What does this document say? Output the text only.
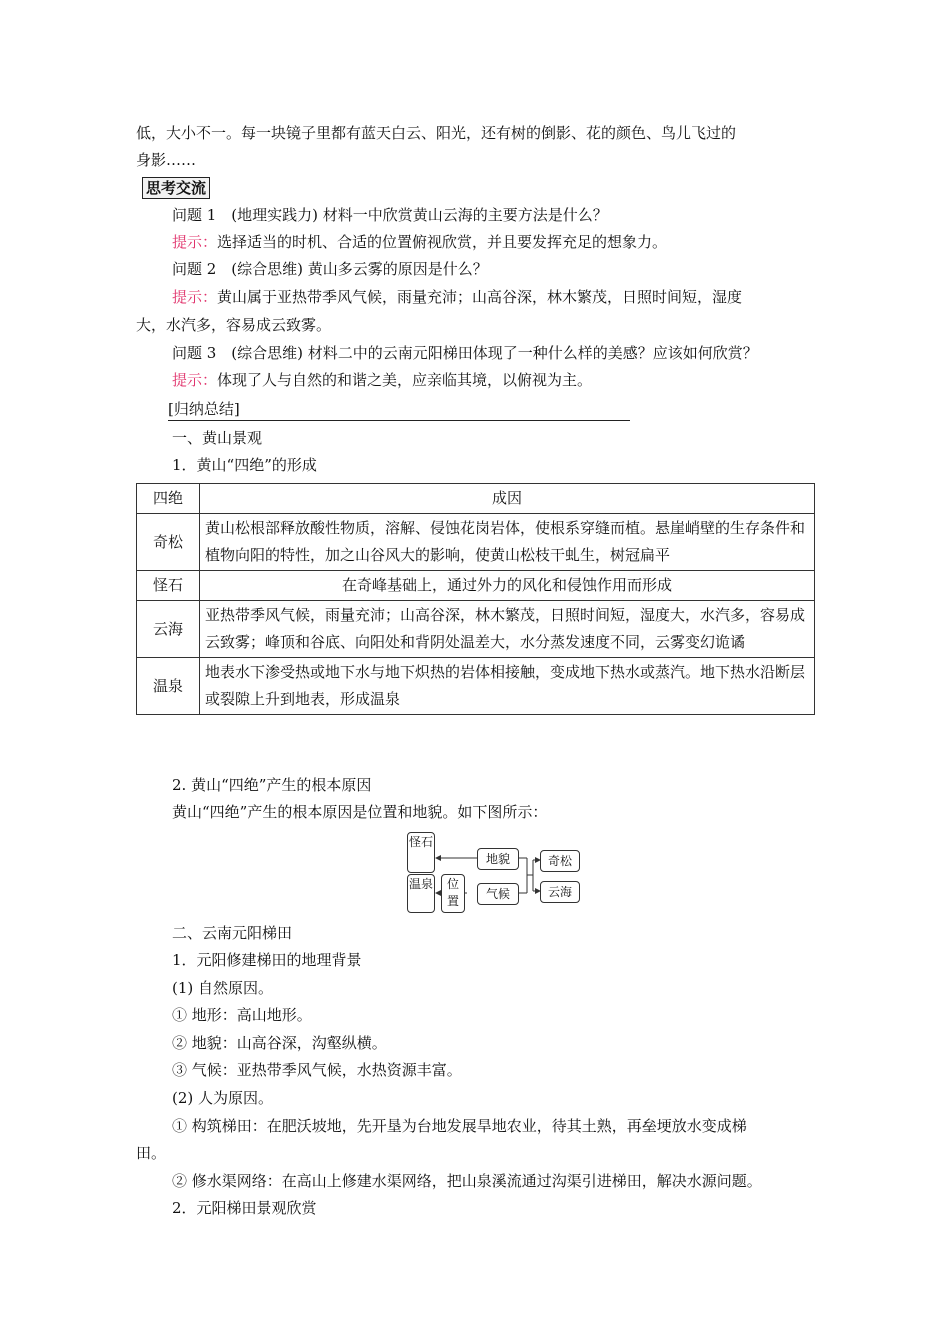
低，大小不一。每一块镜子里都有蓝天白云、阳光，还有树的倒影、花的颜色、鸟儿飞过的
身影……
思考交流
问题 1　(地理实践力) 材料一中欣赏黄山云海的主要方法是什么？
提示：选择适当的时机、合适的位置俯视欣赏，并且要发挥充足的想象力。
问题 2　(综合思维) 黄山多云雾的原因是什么？
提示：黄山属于亚热带季风气候，雨量充沛；山高谷深，林木繁茂，日照时间短，湿度
大，水汽多，容易成云致雾。
问题 3　(综合思维) 材料二中的云南元阳梯田体现了一种什么样的美感？应该如何欣赏？
提示：体现了人与自然的和谐之美，应亲临其境，以俯视为主。
[归纳总结]
一、黄山景观
1．黄山“四绝”的形成
四绝	成因
奇松	黄山松根部释放酸性物质，溶解、侵蚀花岗岩体，使根系穿缝而植。悬崖峭壁的生存条件和植物向阳的特性，加之山谷风大的影响，使黄山松枝干虬生，树冠扁平
怪石	在奇峰基础上，通过外力的风化和侵蚀作用而形成
云海	亚热带季风气候，雨量充沛；山高谷深，林木繁茂，日照时间短，湿度大，水汽多，容易成云致雾；峰顶和谷底、向阳处和背阴处温差大，水分蒸发速度不同，云雾变幻诡谲
温泉	地表水下渗受热或地下水与地下炽热的岩体相接触，变成地下热水或蒸汽。地下热水沿断层或裂隙上升到地表，形成温泉
2. 黄山“四绝”产生的根本原因
黄山“四绝”产生的根本原因是位置和地貌。如下图所示：
怪石
温泉	位置
地貌
气候
奇松
云海
二、云南元阳梯田
1．元阳修建梯田的地理背景
(1) 自然原因。
① 地形：高山地形。
② 地貌：山高谷深，沟壑纵横。
③ 气候：亚热带季风气候，水热资源丰富。
(2) 人为原因。
① 构筑梯田：在肥沃坡地，先开垦为台地发展旱地农业，待其土熟，再垒埂放水变成梯
田。
② 修水渠网络：在高山上修建水渠网络，把山泉溪流通过沟渠引进梯田，解决水源问题。
2．元阳梯田景观欣赏
